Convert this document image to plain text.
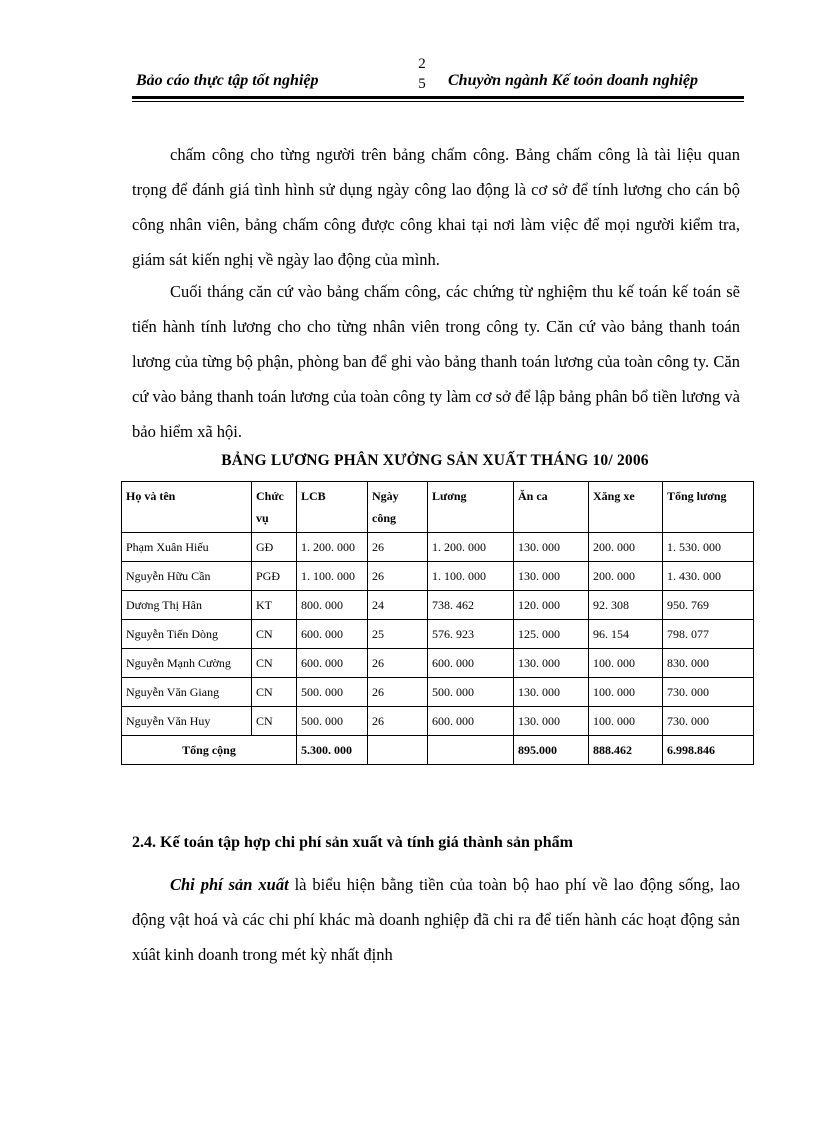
2
5
Bảo cáo thực tập tốt nghiệp	Chuyờn ngành Kế toỏn doanh nghiệp

chấm công cho từng người trên bảng chấm công. Bảng chấm công là tài liệu quan trọng để đánh giá tình hình sử dụng ngày công lao động là cơ sở để tính lương cho cán bộ công nhân viên, bảng chấm công được công khai tại nơi làm việc để mọi người kiểm tra, giám sát kiến nghị về ngày lao động của mình.

Cuối tháng căn cứ vào bảng chấm công, các chứng từ nghiệm thu kế toán kế toán sẽ tiến hành tính lương cho cho từng nhân viên trong công ty. Căn cứ vào bảng thanh toán lương của từng bộ phận, phòng ban để ghi vào bảng thanh toán lương của toàn công ty. Căn cứ vào bảng thanh toán lương của toàn công ty làm cơ sở để lập bảng phân bổ tiền lương và bảo hiểm xã hội.

BẢNG LƯƠNG PHÂN XƯỞNG SẢN XUẤT THÁNG 10/ 2006
Họ và tên	Chức vụ	LCB	Ngày công	Lương	Ăn ca	Xăng xe	Tổng lương
Phạm Xuân Hiếu	GĐ	1. 200. 000	26	1. 200. 000	130. 000	200. 000	1. 530. 000
Nguyễn Hữu Cần	PGĐ	1. 100. 000	26	1. 100. 000	130. 000	200. 000	1. 430. 000
Dương Thị Hân	KT	800. 000	24	738. 462	120. 000	92. 308	950. 769
Nguyễn Tiến Dòng	CN	600. 000	25	576. 923	125. 000	96. 154	798. 077
Nguyễn Mạnh Cường	CN	600. 000	26	600. 000	130. 000	100. 000	830. 000
Nguyễn Văn Giang	CN	500. 000	26	500. 000	130. 000	100. 000	730. 000
Nguyễn Văn Huy	CN	500. 000	26	600. 000	130. 000	100. 000	730. 000
Tổng cộng		5.300. 000			895.000	888.462	6.998.846
2.4. Kế toán tập hợp chi phí sản xuất và tính giá thành sản phẩm

Chi phí sản xuất là biểu hiện bằng tiền của toàn bộ hao phí về lao động sống, lao động vật hoá và các chi phí khác mà doanh nghiệp đã chi ra để tiến hành các hoạt động sản xúât kinh doanh trong mét kỳ nhất định
